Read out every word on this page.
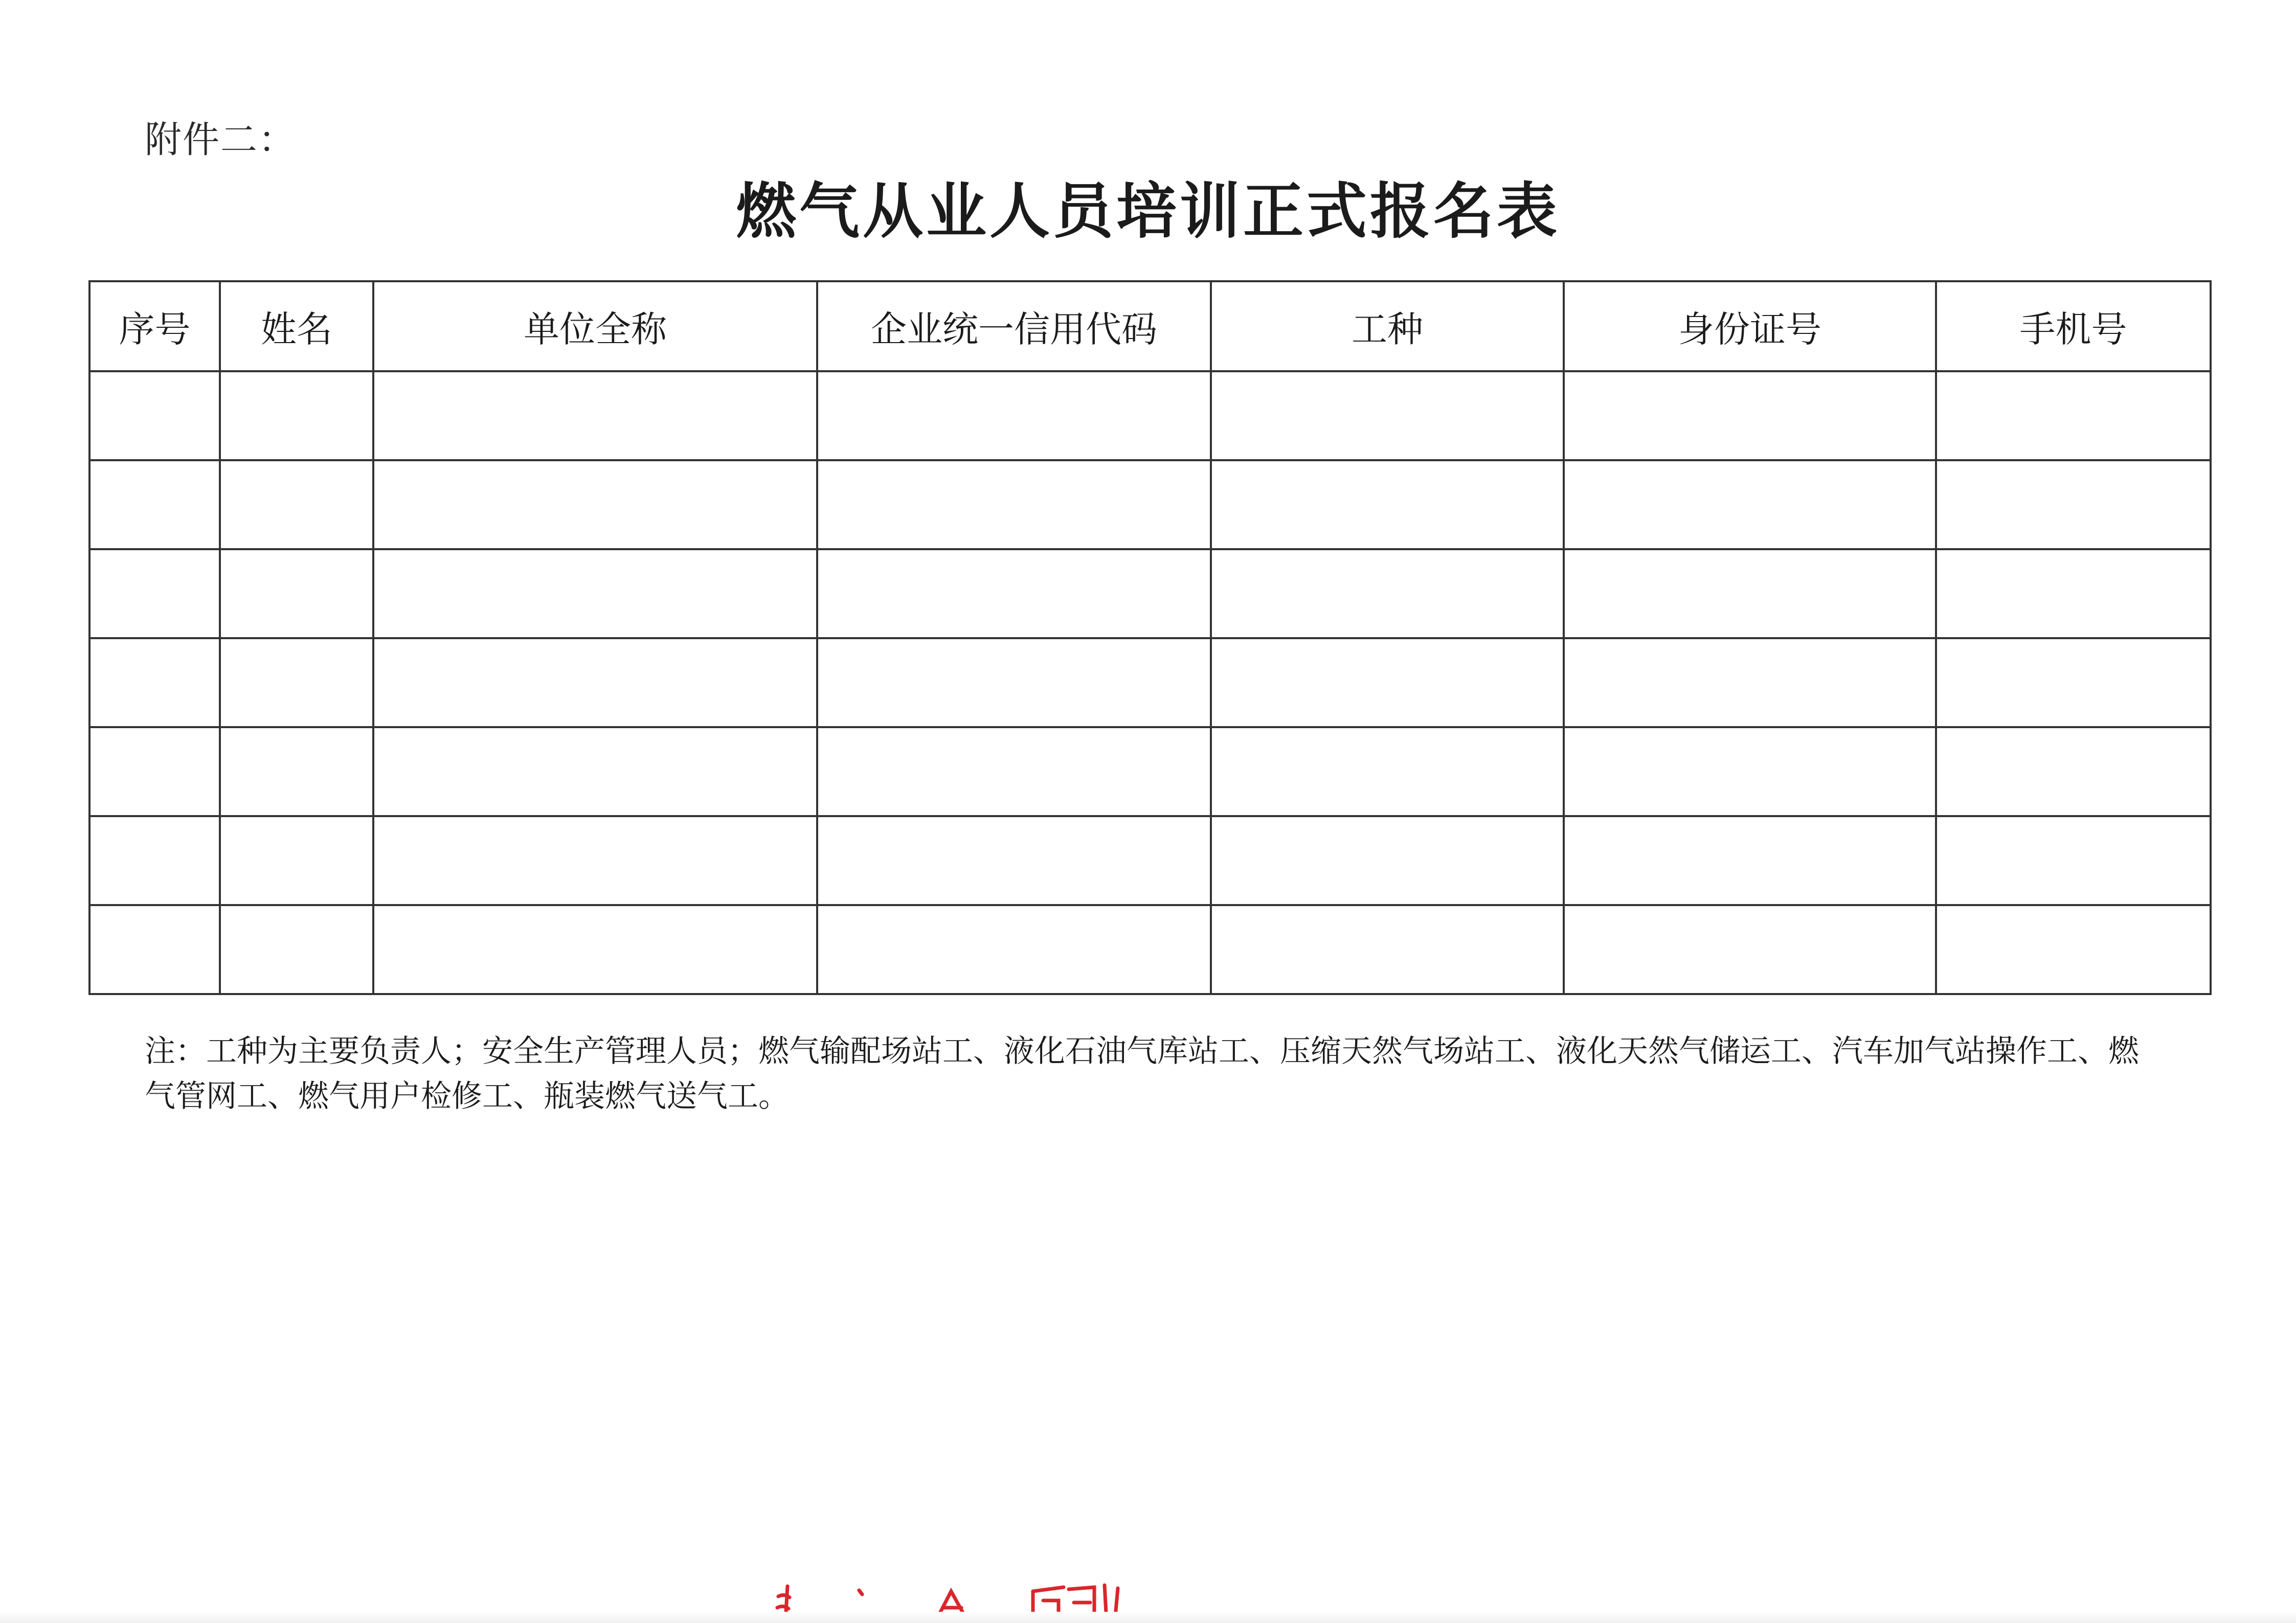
附件二：
燃气从业人员培训正式报名表
序号	姓名	单位全称	企业统一信用代码	工种	身份证号	手机号

注：工种为主要负责人；安全生产管理人员；燃气输配场站工、液化石油气库站工、压缩天然气场站工、液化天然气储运工、汽车加气站操作工、燃气管网工、燃气用户检修工、瓶装燃气送气工。
